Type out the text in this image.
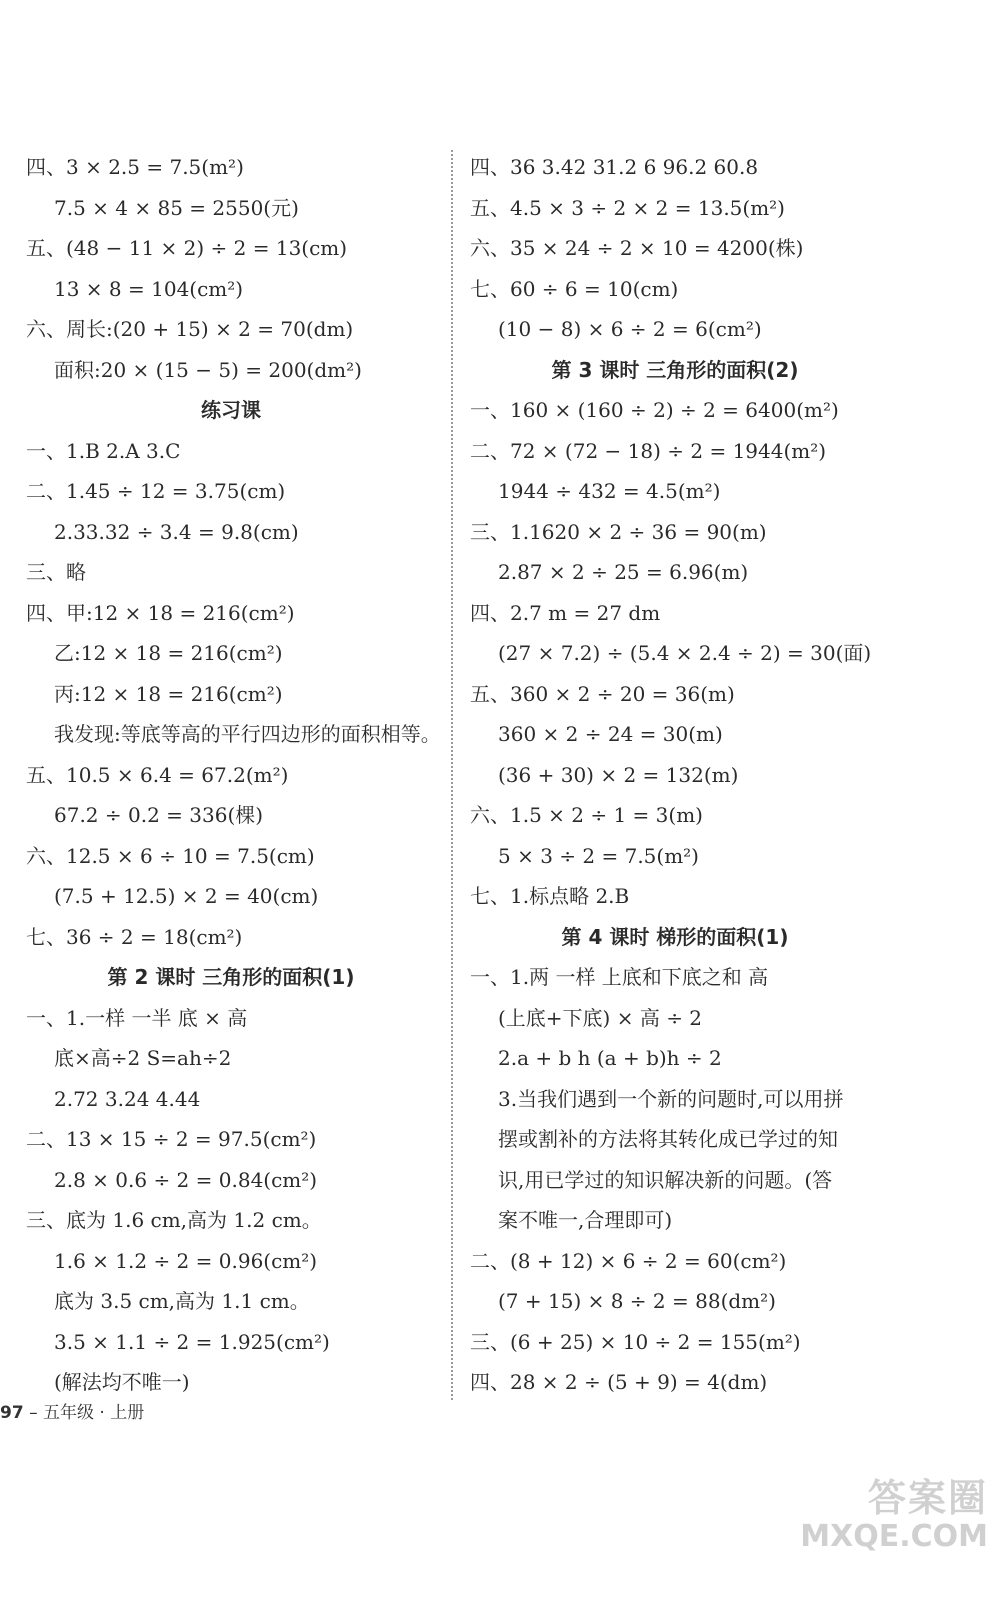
四、3 × 2.5 = 7.5(m²)
7.5 × 4 × 85 = 2550(元)
五、(48 − 11 × 2) ÷ 2 = 13(cm)
13 × 8 = 104(cm²)
六、周长:(20 + 15) × 2 = 70(dm)
面积:20 × (15 − 5) = 200(dm²)
练习课
一、1.B 2.A 3.C
二、1.45 ÷ 12 = 3.75(cm)
2.33.32 ÷ 3.4 = 9.8(cm)
三、略
四、甲:12 × 18 = 216(cm²)
乙:12 × 18 = 216(cm²)
丙:12 × 18 = 216(cm²)
我发现:等底等高的平行四边形的面积相等。
五、10.5 × 6.4 = 67.2(m²)
67.2 ÷ 0.2 = 336(棵)
六、12.5 × 6 ÷ 10 = 7.5(cm)
(7.5 + 12.5) × 2 = 40(cm)
七、36 ÷ 2 = 18(cm²)
第 2 课时 三角形的面积(1)
一、1.一样 一半 底 × 高
底×高÷2 S=ah÷2
2.72 3.24 4.44
二、13 × 15 ÷ 2 = 97.5(cm²)
2.8 × 0.6 ÷ 2 = 0.84(cm²)
三、底为 1.6 cm,高为 1.2 cm。
1.6 × 1.2 ÷ 2 = 0.96(cm²)
底为 3.5 cm,高为 1.1 cm。
3.5 × 1.1 ÷ 2 = 1.925(cm²)
(解法均不唯一)
四、36 3.42 31.2 6 96.2 60.8
五、4.5 × 3 ÷ 2 × 2 = 13.5(m²)
六、35 × 24 ÷ 2 × 10 = 4200(株)
七、60 ÷ 6 = 10(cm)
(10 − 8) × 6 ÷ 2 = 6(cm²)
第 3 课时 三角形的面积(2)
一、160 × (160 ÷ 2) ÷ 2 = 6400(m²)
二、72 × (72 − 18) ÷ 2 = 1944(m²)
1944 ÷ 432 = 4.5(m²)
三、1.1620 × 2 ÷ 36 = 90(m)
2.87 × 2 ÷ 25 = 6.96(m)
四、2.7 m = 27 dm
(27 × 7.2) ÷ (5.4 × 2.4 ÷ 2) = 30(面)
五、360 × 2 ÷ 20 = 36(m)
360 × 2 ÷ 24 = 30(m)
(36 + 30) × 2 = 132(m)
六、1.5 × 2 ÷ 1 = 3(m)
5 × 3 ÷ 2 = 7.5(m²)
七、1.标点略 2.B
第 4 课时 梯形的面积(1)
一、1.两 一样 上底和下底之和 高
(上底+下底) × 高 ÷ 2
2.a + b h (a + b)h ÷ 2
3.当我们遇到一个新的问题时,可以用拼
摆或割补的方法将其转化成已学过的知
识,用已学过的知识解决新的问题。(答
案不唯一,合理即可)
二、(8 + 12) × 6 ÷ 2 = 60(cm²)
(7 + 15) × 8 ÷ 2 = 88(dm²)
三、(6 + 25) × 10 ÷ 2 = 155(m²)
四、28 × 2 ÷ (5 + 9) = 4(dm)
97 – 五年级 · 上册
答案圈
MXQE.COM
